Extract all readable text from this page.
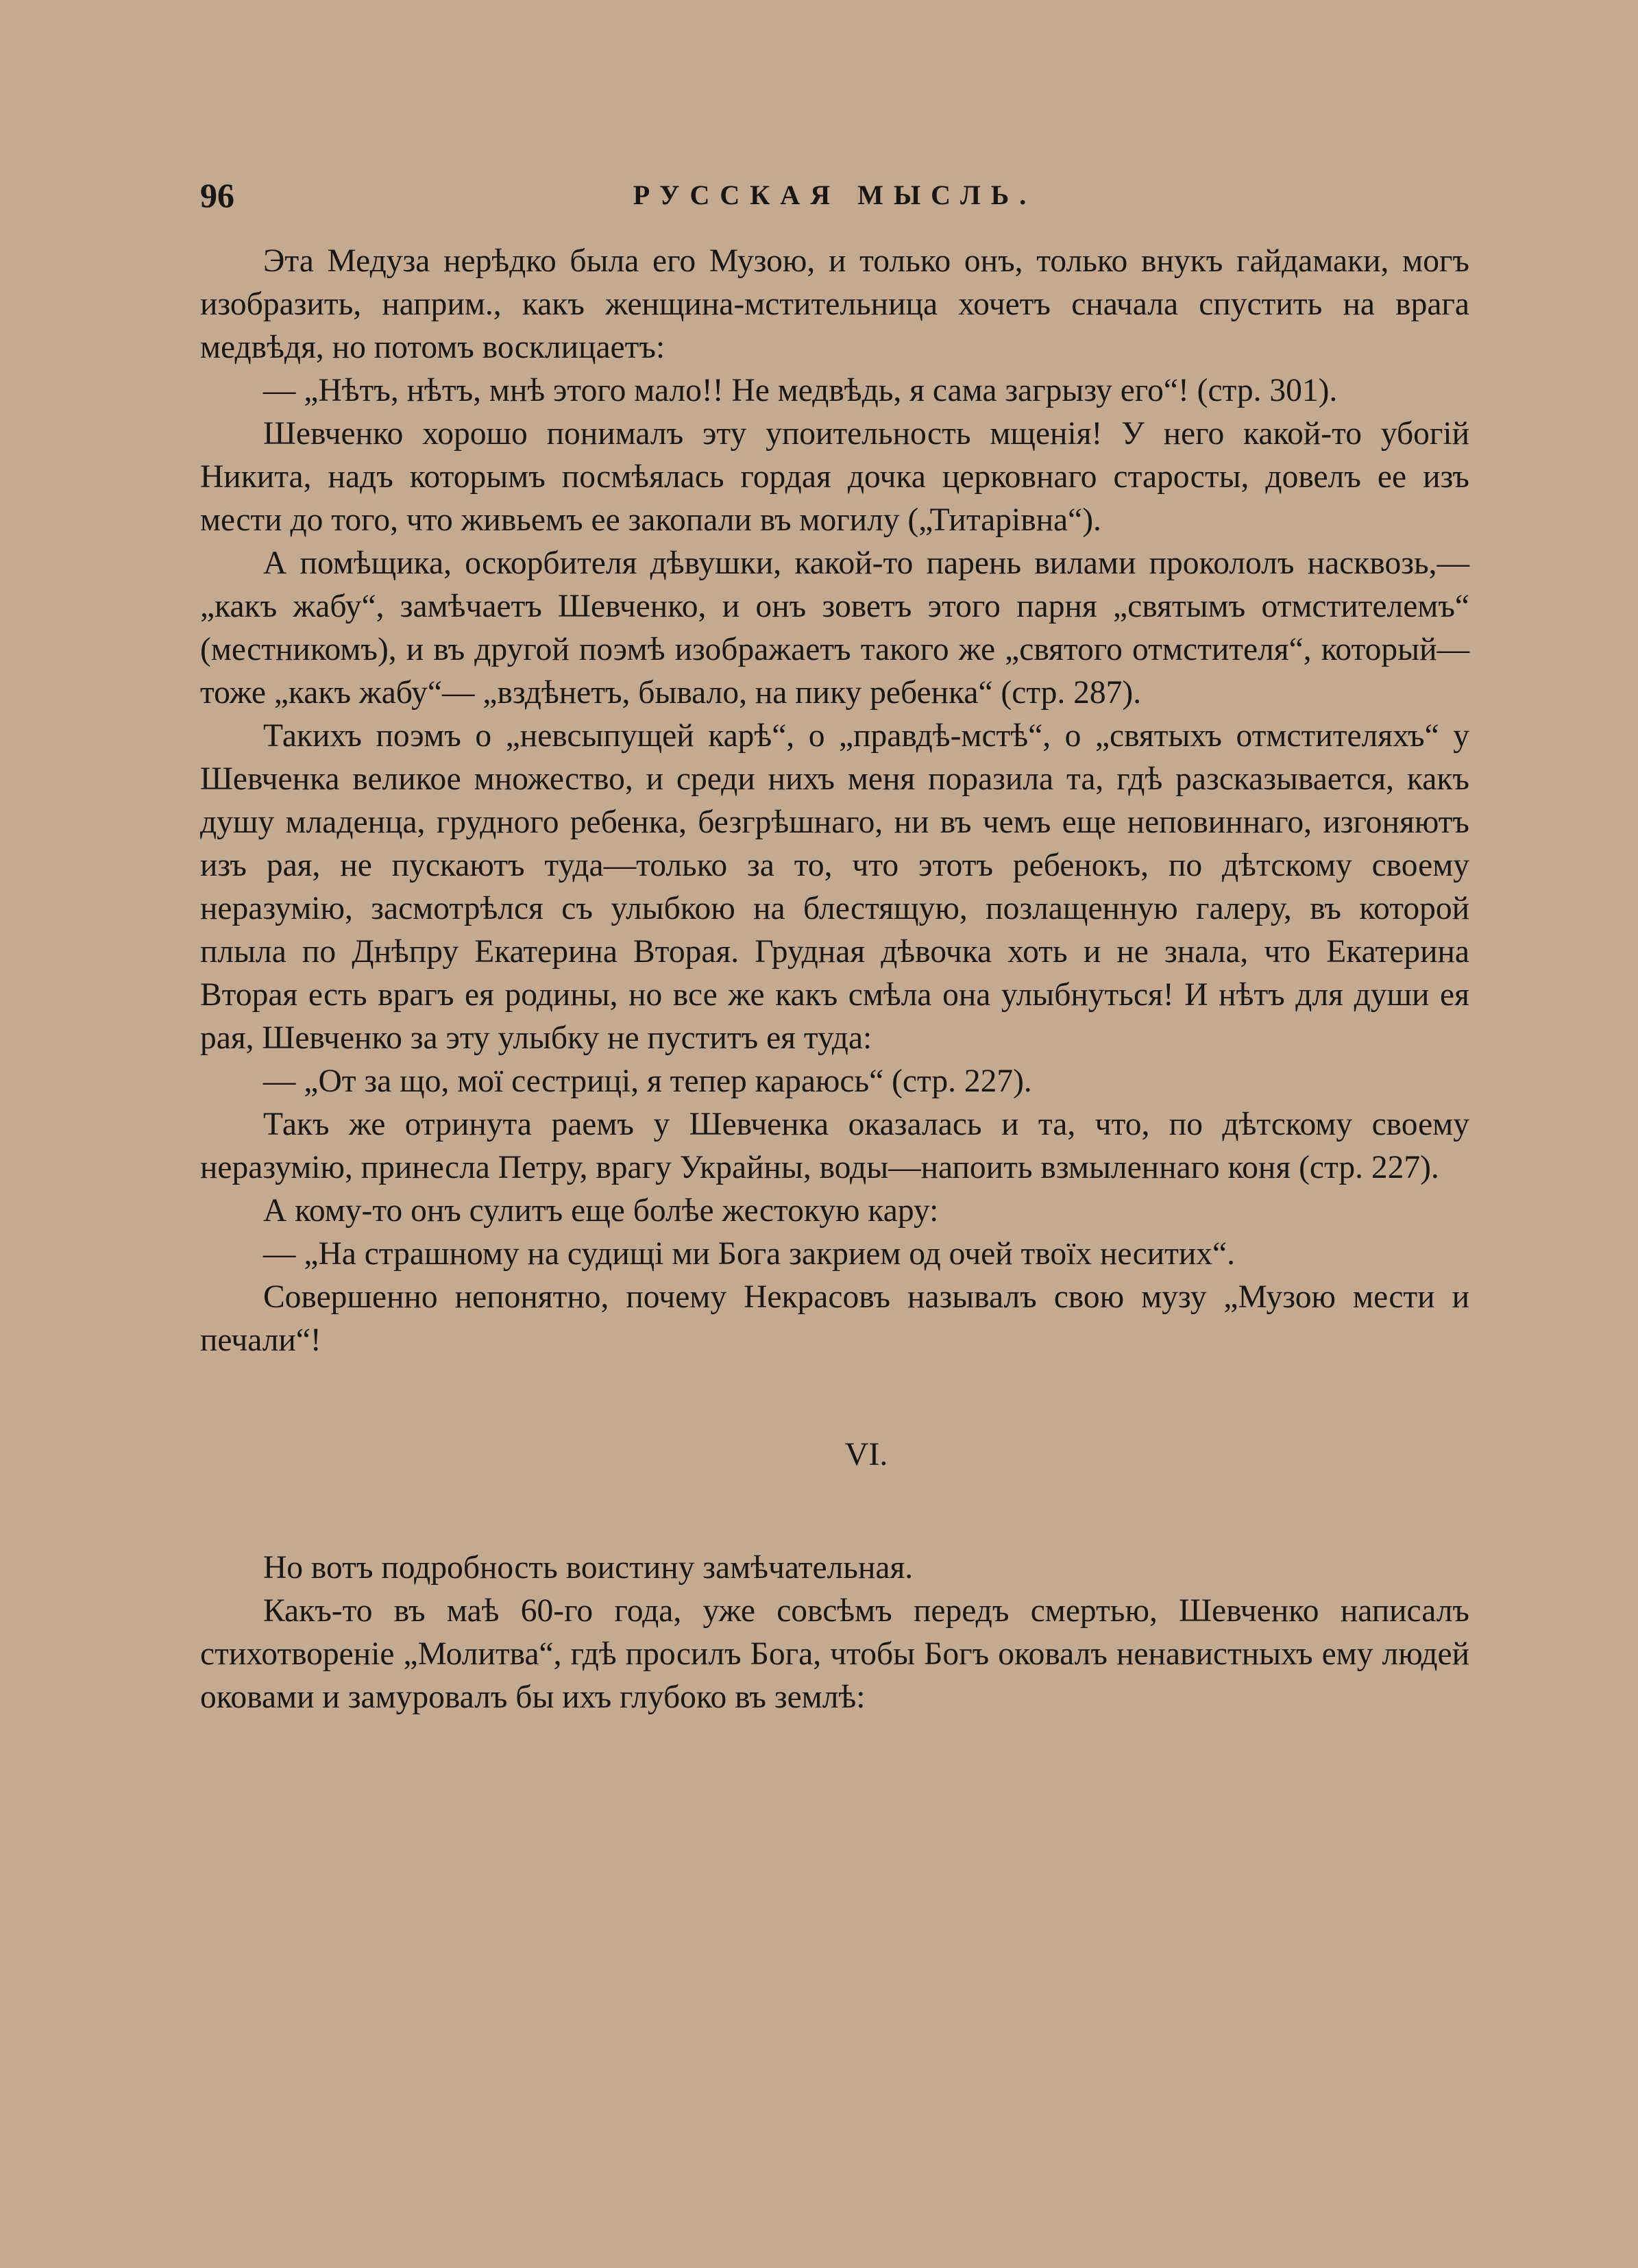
96	РУССКАЯ МЫСЛЬ.

Эта Медуза нерѣдко была его Музою, и только онъ, только внукъ гайдамаки, могъ изобразить, наприм., какъ женщина-мстительница хочетъ сначала спустить на врага медвѣдя, но потомъ восклицаетъ:

— „Нѣтъ, нѣтъ, мнѣ этого мало!! Не медвѣдь, я сама загрызу его“! (стр. 301).

Шевченко хорошо понималъ эту упоительность мщенія! У него какой-то убогій Никита, надъ которымъ посмѣялась гордая дочка церковнаго старосты, довелъ ее изъ мести до того, что живьемъ ее закопали въ могилу („Титарівна“).

А помѣщика, оскорбителя дѣвушки, какой-то парень вилами прокололъ насквозь,—„какъ жабу“, замѣчаетъ Шевченко, и онъ зоветъ этого парня „святымъ отмстителемъ“ (местникомъ), и въ другой поэмѣ изображаетъ такого же „святого отмстителя“, который—тоже „какъ жабу“— „вздѣнетъ, бывало, на пику ребенка“ (стр. 287).

Такихъ поэмъ о „невсыпущей карѣ“, о „правдѣ-мстѣ“, о „святыхъ отмстителяхъ“ у Шевченка великое множество, и среди нихъ меня поразила та, гдѣ разсказывается, какъ душу младенца, грудного ребенка, безгрѣшнаго, ни въ чемъ еще неповиннаго, изгоняютъ изъ рая, не пускаютъ туда—только за то, что этотъ ребенокъ, по дѣтскому своему неразумію, засмотрѣлся съ улыбкою на блестящую, позлащенную галеру, въ которой плыла по Днѣпру Екатерина Вторая. Грудная дѣвочка хоть и не знала, что Екатерина Вторая есть врагъ ея родины, но все же какъ смѣла она улыбнуться! И нѣтъ для души ея рая, Шевченко за эту улыбку не пуститъ ея туда:

— „От за що, мої сестриці, я тепер караюсь“ (стр. 227).

Такъ же отринута раемъ у Шевченка оказалась и та, что, по дѣтскому своему неразумію, принесла Петру, врагу Украйны, воды—напоить взмыленнаго коня (стр. 227).

А кому-то онъ сулитъ еще болѣе жестокую кару:

— „На страшному на судищі ми Бога закрием од очей твоїх неситих“.

Совершенно непонятно, почему Некрасовъ называлъ свою музу „Музою мести и печали“!

VI.

Но вотъ подробность воистину замѣчательная.

Какъ-то въ маѣ 60-го года, уже совсѣмъ передъ смертью, Шевченко написалъ стихотвореніе „Молитва“, гдѣ просилъ Бога, чтобы Богъ оковалъ ненавистныхъ ему людей оковами и замуровалъ бы ихъ глубоко въ землѣ:
